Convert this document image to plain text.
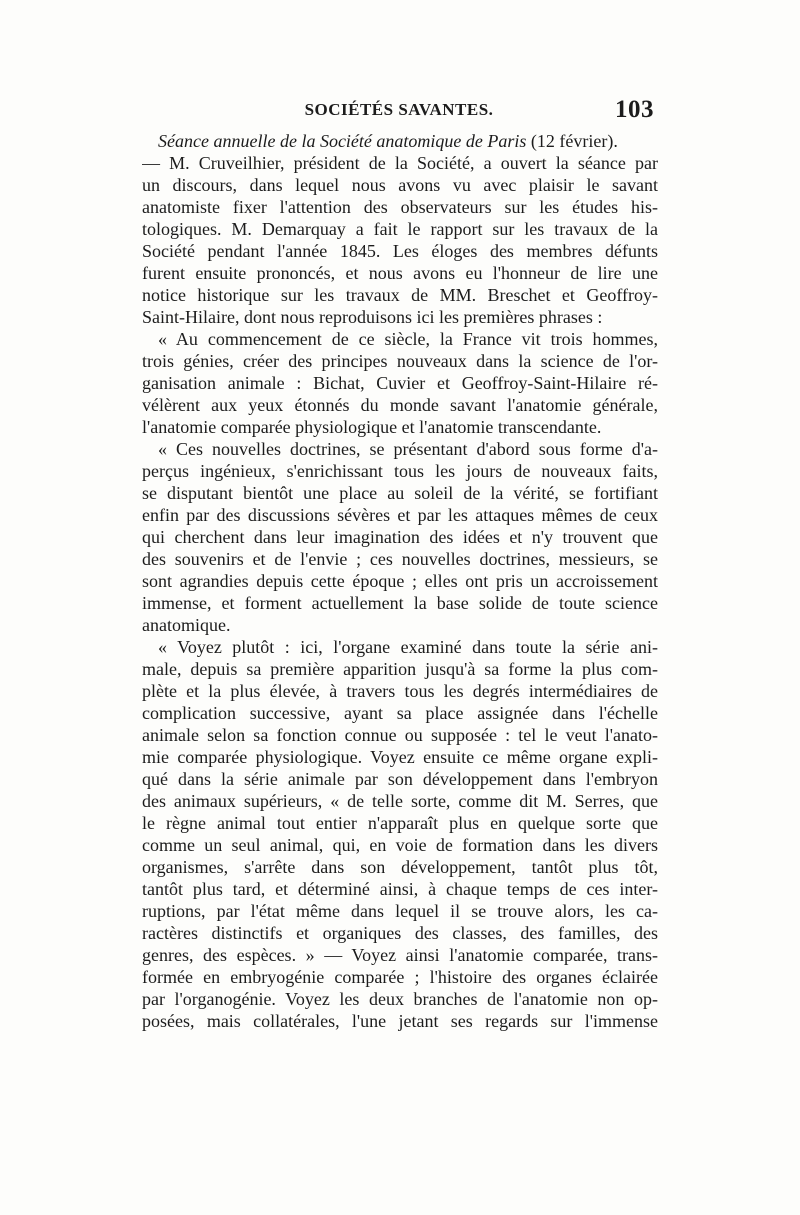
SOCIÉTÉS SAVANTES.	103
Séance annuelle de la Société anatomique de Paris (12 février).
— M. Cruveilhier, président de la Société, a ouvert la séance par
un discours, dans lequel nous avons vu avec plaisir le savant
anatomiste fixer l'attention des observateurs sur les études his-
tologiques. M. Demarquay a fait le rapport sur les travaux de la
Société pendant l'année 1845. Les éloges des membres défunts
furent ensuite prononcés, et nous avons eu l'honneur de lire une
notice historique sur les travaux de MM. Breschet et Geoffroy-
Saint-Hilaire, dont nous reproduisons ici les premières phrases :
« Au commencement de ce siècle, la France vit trois hommes,
trois génies, créer des principes nouveaux dans la science de l'or-
ganisation animale : Bichat, Cuvier et Geoffroy-Saint-Hilaire ré-
vélèrent aux yeux étonnés du monde savant l'anatomie générale,
l'anatomie comparée physiologique et l'anatomie transcendante.
« Ces nouvelles doctrines, se présentant d'abord sous forme d'a-
perçus ingénieux, s'enrichissant tous les jours de nouveaux faits,
se disputant bientôt une place au soleil de la vérité, se fortifiant
enfin par des discussions sévères et par les attaques mêmes de ceux
qui cherchent dans leur imagination des idées et n'y trouvent que
des souvenirs et de l'envie ; ces nouvelles doctrines, messieurs, se
sont agrandies depuis cette époque ; elles ont pris un accroissement
immense, et forment actuellement la base solide de toute science
anatomique.
« Voyez plutôt : ici, l'organe examiné dans toute la série ani-
male, depuis sa première apparition jusqu'à sa forme la plus com-
plète et la plus élevée, à travers tous les degrés intermédiaires de
complication successive, ayant sa place assignée dans l'échelle
animale selon sa fonction connue ou supposée : tel le veut l'anato-
mie comparée physiologique. Voyez ensuite ce même organe expli-
qué dans la série animale par son développement dans l'embryon
des animaux supérieurs, « de telle sorte, comme dit M. Serres, que
le règne animal tout entier n'apparaît plus en quelque sorte que
comme un seul animal, qui, en voie de formation dans les divers
organismes, s'arrête dans son développement, tantôt plus tôt,
tantôt plus tard, et déterminé ainsi, à chaque temps de ces inter-
ruptions, par l'état même dans lequel il se trouve alors, les ca-
ractères distinctifs et organiques des classes, des familles, des
genres, des espèces. » — Voyez ainsi l'anatomie comparée, trans-
formée en embryogénie comparée ; l'histoire des organes éclairée
par l'organogénie. Voyez les deux branches de l'anatomie non op-
posées, mais collatérales, l'une jetant ses regards sur l'immense
